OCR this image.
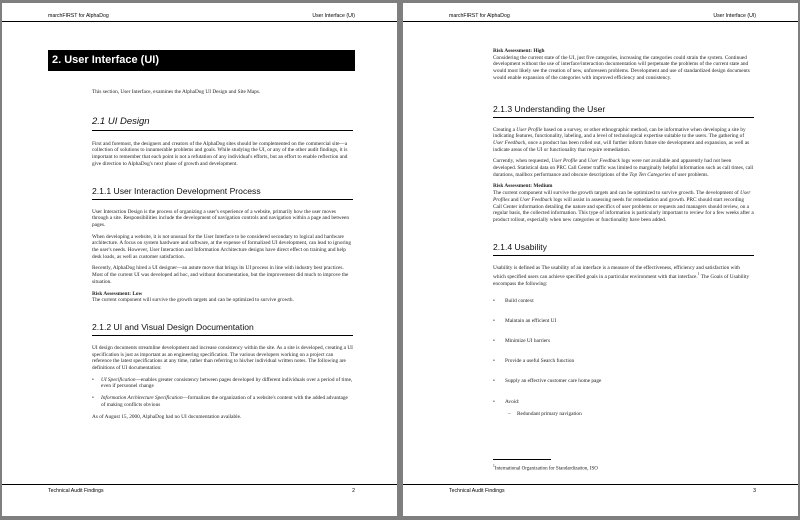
marchFIRST for AlphaDog	User Interface (UI)
2. User Interface (UI)

This section, User Interface, examines the AlphaDog UI Design and Site Maps.

2.1 UI Design

First and foremost, the designers and creators of the AlphaDog sites should be complemented on the commercial site—a collection of solutions to innumerable problems and goals. While studying the UI, or any of the other audit findings, it is important to remember that each point is not a refutation of any individual's efforts, but an effort to enable reflection and give direction to AlphaDog's next phase of growth and development.

2.1.1 User Interaction Development Process

User Interaction Design is the process of organizing a user's experience of a website, primarily how the user moves through a site. Responsibilities include the development of navigation controls and navigation within a page and between pages.

When developing a website, it is not unusual for the User Interface to be considered secondary to logical and hardware architecture. A focus on system hardware and software, at the expense of formalized UI development, can lead to ignoring the user's needs. However, User Interaction and Information Architecture designs have direct effect on training and help desk loads, as well as customer satisfaction.

Recently, AlphaDog hired a UI designer—an astute move that brings its UI process in line with industry best practices. Most of the current UI was developed ad hoc, and without documentation, but the improvement did much to improve the situation.

Risk Assessment: Low

The current component will survive the growth targets and can be optimized to survive growth.

2.1.2 UI and Visual Design Documentation

UI design documents streamline development and increase consistency within the site. As a site is developed, creating a UI specification is just as important as an engineering specification. The various developers working on a project can reference the latest specifications at any time, rather than referring to his/her individual written notes. The following are definitions of UI documentation:

• UI Specification—enables greater consistency between pages developed by different individuals over a period of time, even if personnel change
• Information Architecture Specification—formalizes the organization of a website's content with the added advantage of making conflicts obvious

As of August 15, 2000, AlphaDog had no UI documentation available.

Technical Audit Findings	2
marchFIRST for AlphaDog	User Interface (UI)

Risk Assessment: High

Considering the current state of the UI, just five categories, increasing the categories could strain the system. Continued development without the use of interface/interaction documentation will perpetuate the problems of the current state and would most likely see the creation of new, unforeseen problems. Development and use of standardized design documents would enable expansion of the categories with improved efficiency and consistency.

2.1.3 Understanding the User

Creating a User Profile based on a survey, or other ethnographic method, can be informative when developing a site by indicating features, functionality, labeling, and a level of technological expertise suitable to the users. The gathering of User Feedback, once a product has been rolled out, will further inform future site development and expansion, as well as indicate areas of the UI or functionality that require remediation.

Currently, when requested, User Profile and User Feedback logs were not available and apparently had not been developed. Statistical data on PRC Call Center traffic was limited to marginally helpful information such as call times, call durations, mailbox performance and obscure descriptions of the Top Ten Categories of user problems.

Risk Assessment: Medium

The current component will survive the growth targets and can be optimized to survive growth. The development of User Profiles and User Feedback logs will assist in assessing needs for remediation and growth. PRC should start recording Call Center information detailing the nature and specifics of user problems or requests and managers should review, on a regular basis, the collected information. This type of information is particularly important to review for a few weeks after a product rollout, especially when new categories or functionality have been added.

2.1.4 Usability

Usability is defined as The usability of an interface is a measure of the effectiveness, efficiency and satisfaction with which specified users can achieve specified goals in a particular environment with that interface.$^1$ The Goals of Usability encompass the following:

• Build context
• Maintain an efficient UI
• Minimize UI barriers
• Provide a useful Search function
• Supply an effective customer care home page
• Avoid:
– Redundant primary navigation

$^1$International Organization for Standardization, ISO

Technical Audit Findings	3
